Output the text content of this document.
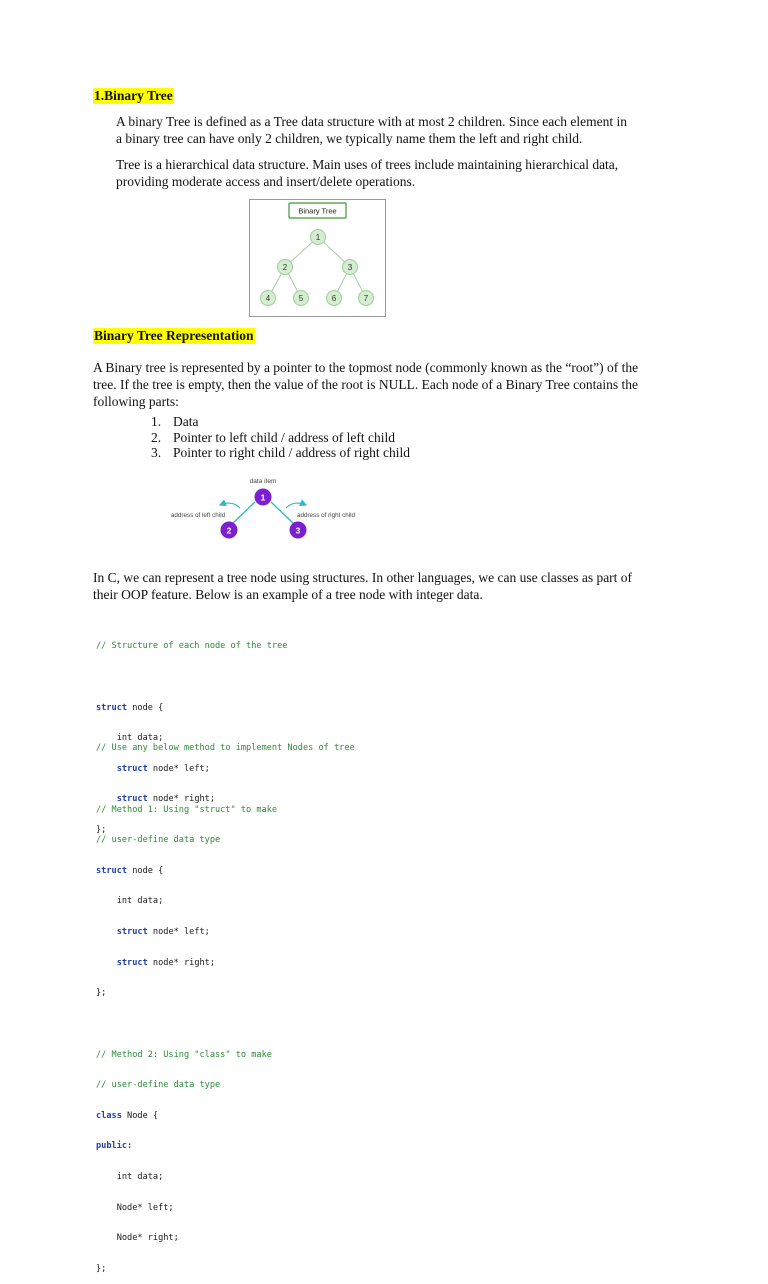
1.Binary Tree
A binary Tree is defined as a Tree data structure with at most 2 children. Since each element in
a binary tree can have only 2 children, we typically name them the left and right child.
Tree is a hierarchical data structure. Main uses of trees include maintaining hierarchical data,
providing moderate access and insert/delete operations.
Binary Tree
1
2	3
4	5	6	7
Binary Tree Representation
A Binary tree is represented by a pointer to the topmost node (commonly known as the “root”) of the
tree. If the tree is empty, then the value of the root is NULL. Each node of a Binary Tree contains the
following parts:
1. Data
2. Pointer to left child / address of left child
3. Pointer to right child / address of right child
data item
address of left child	address of right child
1
2	3
In C, we can represent a tree node using structures. In other languages, we can use classes as part of
their OOP feature. Below is an example of a tree node with integer data.

// Structure of each node of the tree

struct node {

int data;

struct node* left;

struct node* right;

};

// Use any below method to implement Nodes of tree

// Method 1: Using "struct" to make

// user-define data type

struct node {

int data;

struct node* left;

struct node* right;

};

// Method 2: Using "class" to make

// user-define data type

class Node {

public:

int data;

Node* left;

Node* right;

};
